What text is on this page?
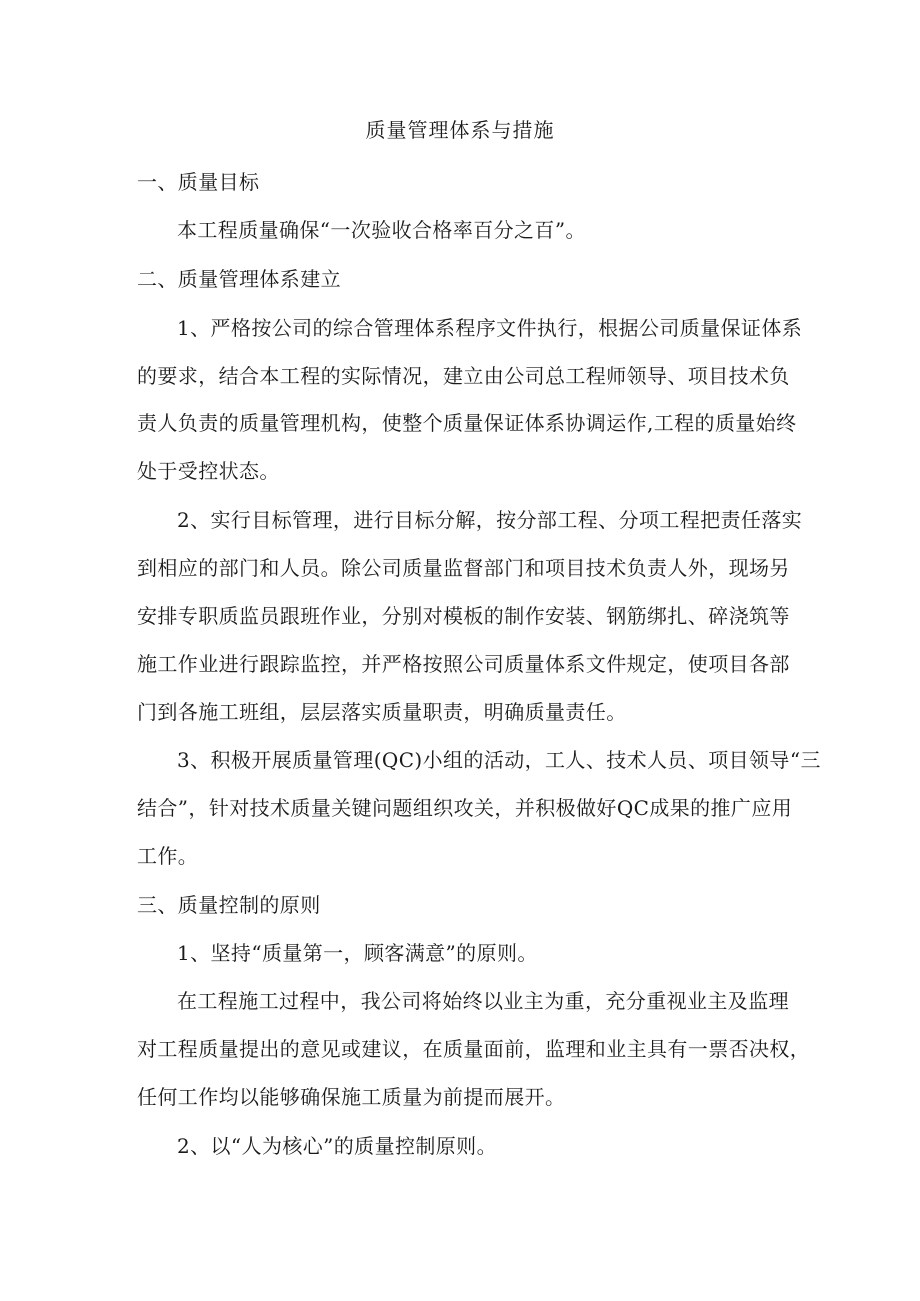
质量管理体系与措施

一、质量目标

本工程质量确保“一次验收合格率百分之百”。

二、质量管理体系建立

1、严格按公司的综合管理体系程序文件执行，根据公司质量保证体系

的要求，结合本工程的实际情况，建立由公司总工程师领导、项目技术负

责人负责的质量管理机构，使整个质量保证体系协调运作,工程的质量始终

处于受控状态。

2、实行目标管理，进行目标分解，按分部工程、分项工程把责任落实

到相应的部门和人员。除公司质量监督部门和项目技术负责人外，现场另

安排专职质监员跟班作业，分别对模板的制作安装、钢筋绑扎、碎浇筑等

施工作业进行跟踪监控，并严格按照公司质量体系文件规定，使项目各部

门到各施工班组，层层落实质量职责，明确质量责任。

3、积极开展质量管理(QC)小组的活动，工人、技术人员、项目领导“三

结合”，针对技术质量关键问题组织攻关，并积极做好QC成果的推广应用

工作。

三、质量控制的原则

1、坚持“质量第一，顾客满意”的原则。

在工程施工过程中，我公司将始终以业主为重，充分重视业主及监理

对工程质量提出的意见或建议，在质量面前，监理和业主具有一票否决权，

任何工作均以能够确保施工质量为前提而展开。

2、以“人为核心”的质量控制原则。
